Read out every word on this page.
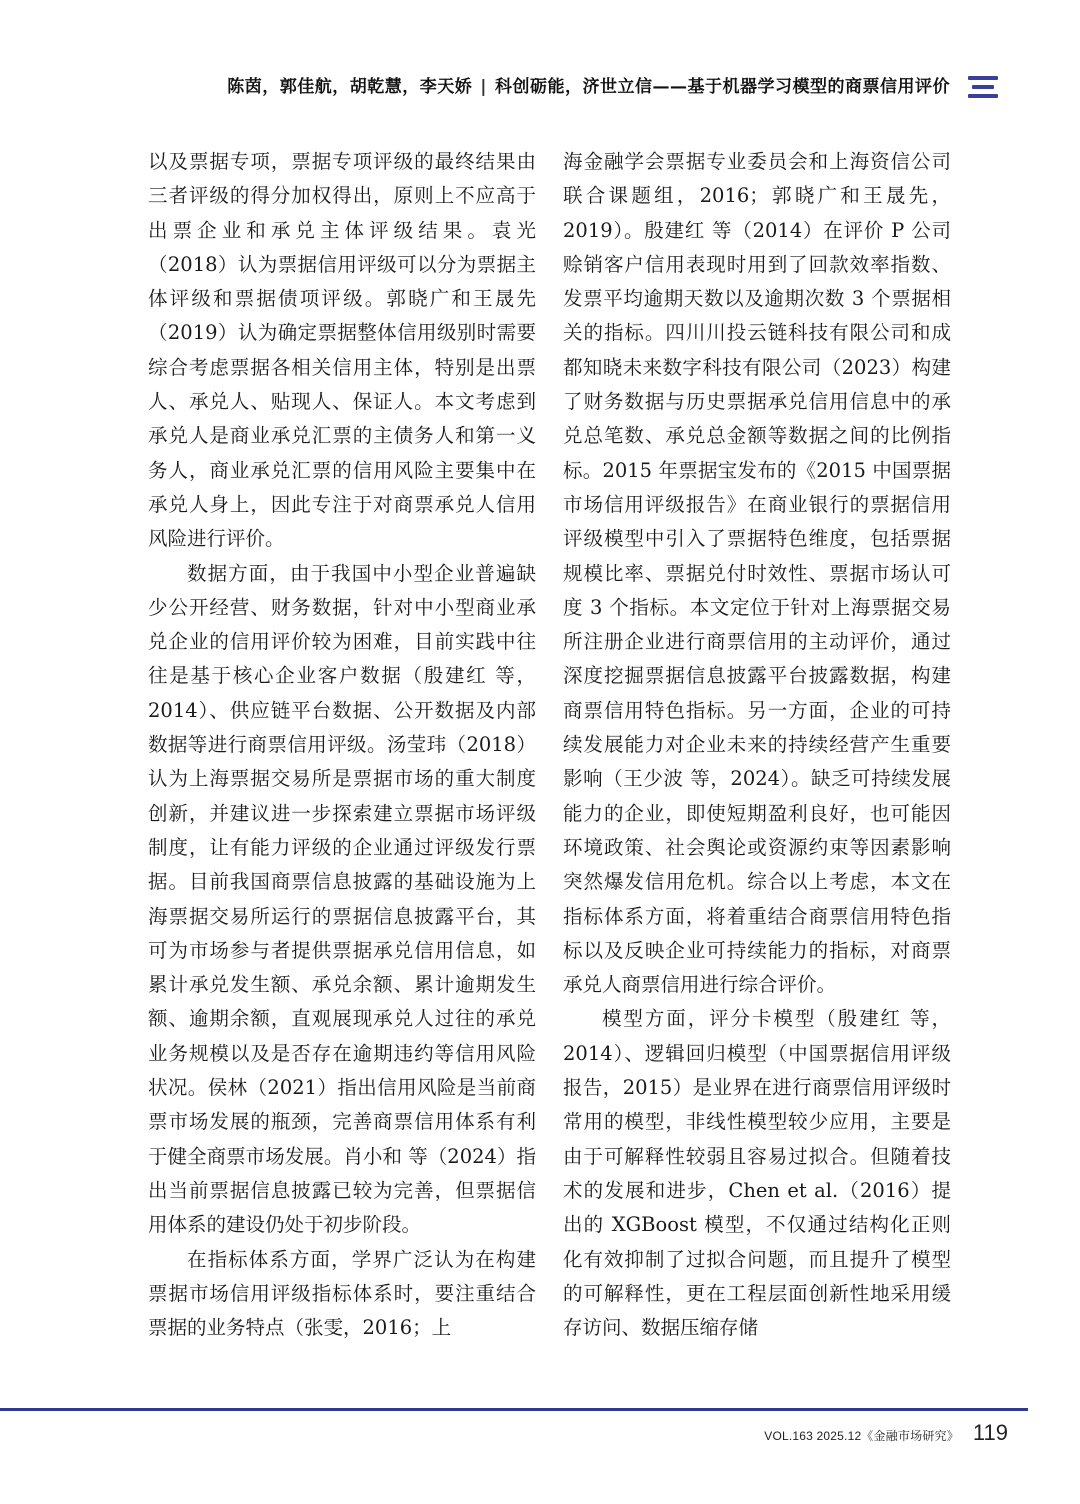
陈茵，郭佳航，胡乾慧，李天娇 | 科创砺能，济世立信——基于机器学习模型的商票信用评价

以及票据专项，票据专项评级的最终结果由三者评级的得分加权得出，原则上不应高于出票企业和承兑主体评级结果。袁光（2018）认为票据信用评级可以分为票据主体评级和票据债项评级。郭晓广和王晟先（2019）认为确定票据整体信用级别时需要综合考虑票据各相关信用主体，特别是出票人、承兑人、贴现人、保证人。本文考虑到承兑人是商业承兑汇票的主债务人和第一义务人，商业承兑汇票的信用风险主要集中在承兑人身上，因此专注于对商票承兑人信用风险进行评价。

数据方面，由于我国中小型企业普遍缺少公开经营、财务数据，针对中小型商业承兑企业的信用评价较为困难，目前实践中往往是基于核心企业客户数据（殷建红 等，2014）、供应链平台数据、公开数据及内部数据等进行商票信用评级。汤莹玮（2018）认为上海票据交易所是票据市场的重大制度创新，并建议进一步探索建立票据市场评级制度，让有能力评级的企业通过评级发行票据。目前我国商票信息披露的基础设施为上海票据交易所运行的票据信息披露平台，其可为市场参与者提供票据承兑信用信息，如累计承兑发生额、承兑余额、累计逾期发生额、逾期余额，直观展现承兑人过往的承兑业务规模以及是否存在逾期违约等信用风险状况。侯林（2021）指出信用风险是当前商票市场发展的瓶颈，完善商票信用体系有利于健全商票市场发展。肖小和 等（2024）指出当前票据信息披露已较为完善，但票据信用体系的建设仍处于初步阶段。

在指标体系方面，学界广泛认为在构建票据市场信用评级指标体系时，要注重结合票据的业务特点（张雯，2016；上

海金融学会票据专业委员会和上海资信公司联合课题组，2016；郭晓广和王晟先，2019）。殷建红 等（2014）在评价 P 公司赊销客户信用表现时用到了回款效率指数、发票平均逾期天数以及逾期次数 3 个票据相关的指标。四川川投云链科技有限公司和成都知晓未来数字科技有限公司（2023）构建了财务数据与历史票据承兑信用信息中的承兑总笔数、承兑总金额等数据之间的比例指标。2015 年票据宝发布的《2015 中国票据市场信用评级报告》在商业银行的票据信用评级模型中引入了票据特色维度，包括票据规模比率、票据兑付时效性、票据市场认可度 3 个指标。本文定位于针对上海票据交易所注册企业进行商票信用的主动评价，通过深度挖掘票据信息披露平台披露数据，构建商票信用特色指标。另一方面，企业的可持续发展能力对企业未来的持续经营产生重要影响（王少波 等，2024）。缺乏可持续发展能力的企业，即使短期盈利良好，也可能因环境政策、社会舆论或资源约束等因素影响突然爆发信用危机。综合以上考虑，本文在指标体系方面，将着重结合商票信用特色指标以及反映企业可持续能力的指标，对商票承兑人商票信用进行综合评价。

模型方面，评分卡模型（殷建红 等，2014）、逻辑回归模型（中国票据信用评级报告，2015）是业界在进行商票信用评级时常用的模型，非线性模型较少应用，主要是由于可解释性较弱且容易过拟合。但随着技术的发展和进步，Chen et al.（2016）提出的 XGBoost 模型，不仅通过结构化正则化有效抑制了过拟合问题，而且提升了模型的可解释性，更在工程层面创新性地采用缓存访问、数据压缩存储

VOL.163 2025.12《金融市场研究》 119
